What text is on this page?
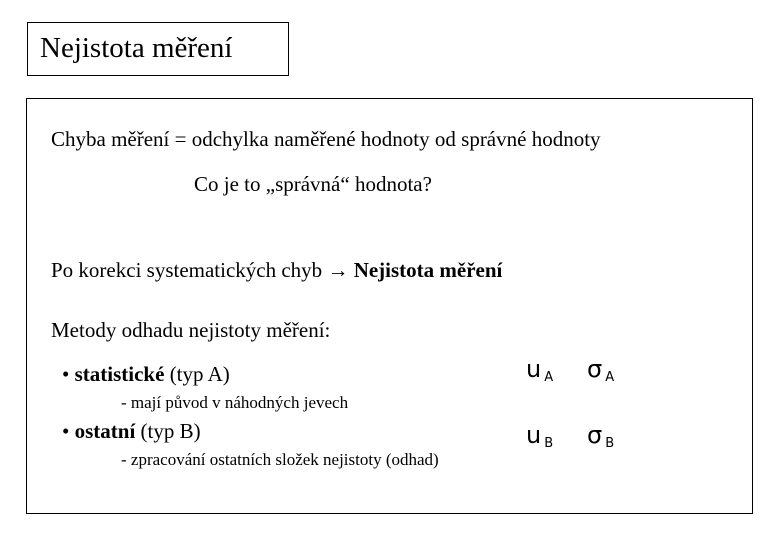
Nejistota měření
Chyba měření = odchylka naměřené hodnoty od správné hodnoty
Co je to „správná“ hodnota?
Po korekci systematických chyb → Nejistota měření
Metody odhadu nejistoty měření:
• statistické (typ A)
- mají původ v náhodných jevech
u $_A$ σ $_A$
• ostatní (typ B)
- zpracování ostatních složek nejistoty (odhad)
u $_B$ σ $_B$
